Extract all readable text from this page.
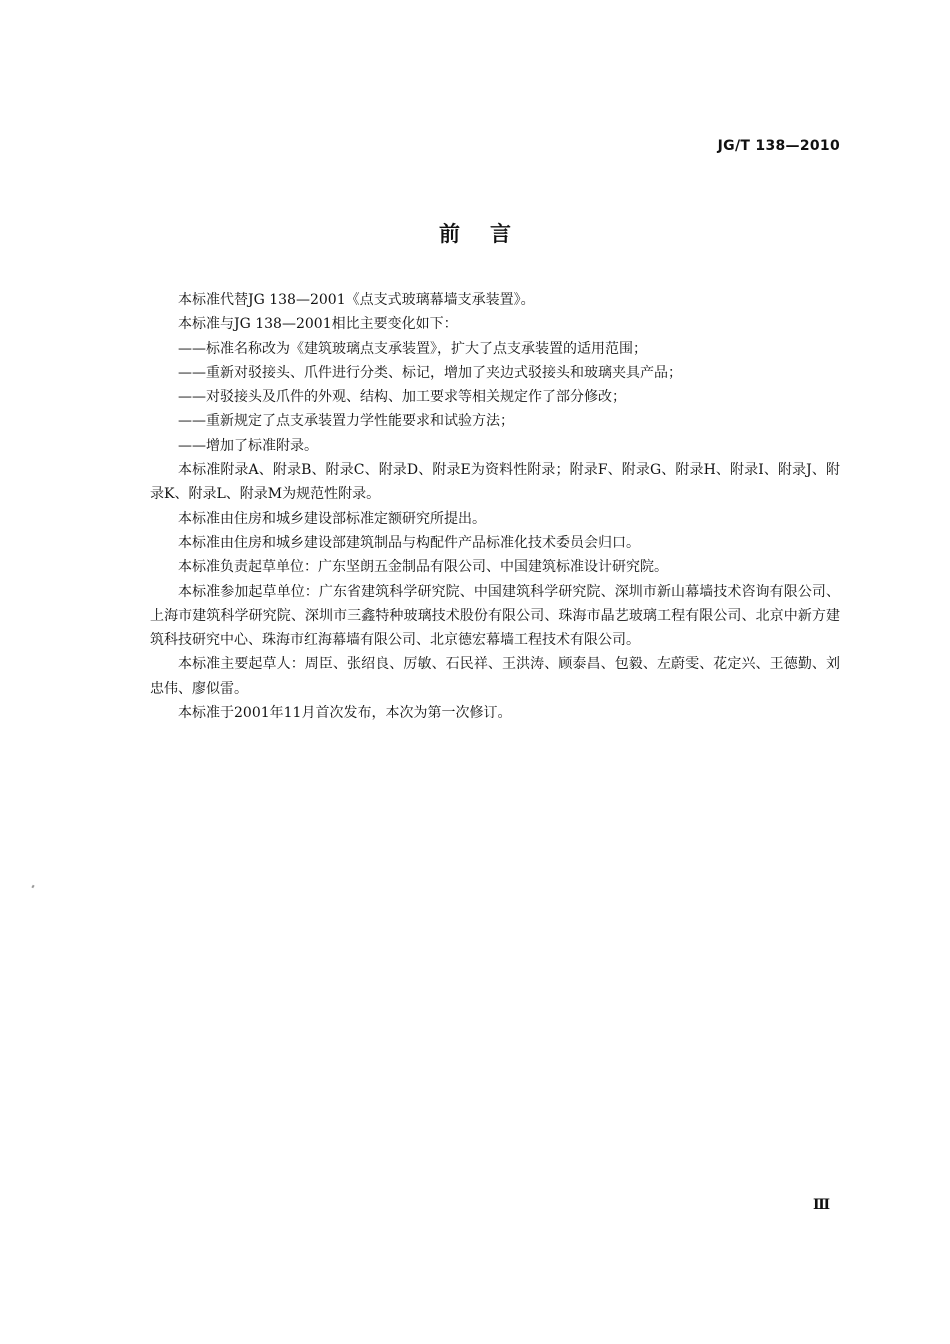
JG/T 138—2010
前言

本标准代替JG 138—2001《点支式玻璃幕墙支承装置》。

本标准与JG 138—2001相比主要变化如下：

——标准名称改为《建筑玻璃点支承装置》，扩大了点支承装置的适用范围；

——重新对驳接头、爪件进行分类、标记，增加了夹边式驳接头和玻璃夹具产品；

——对驳接头及爪件的外观、结构、加工要求等相关规定作了部分修改；

——重新规定了点支承装置力学性能要求和试验方法；

——增加了标准附录。

本标准附录A、附录B、附录C、附录D、附录E为资料性附录；附录F、附录G、附录H、附录I、附录J、附录K、附录L、附录M为规范性附录。

本标准由住房和城乡建设部标准定额研究所提出。

本标准由住房和城乡建设部建筑制品与构配件产品标准化技术委员会归口。

本标准负责起草单位：广东坚朗五金制品有限公司、中国建筑标准设计研究院。

本标准参加起草单位：广东省建筑科学研究院、中国建筑科学研究院、深圳市新山幕墙技术咨询有限公司、上海市建筑科学研究院、深圳市三鑫特种玻璃技术股份有限公司、珠海市晶艺玻璃工程有限公司、北京中新方建筑科技研究中心、珠海市红海幕墙有限公司、北京德宏幕墙工程技术有限公司。

本标准主要起草人：周臣、张绍良、厉敏、石民祥、王洪涛、顾泰昌、包毅、左蔚雯、花定兴、王德勤、刘忠伟、廖似雷。

本标准于2001年11月首次发布，本次为第一次修订。

Ⅲ
